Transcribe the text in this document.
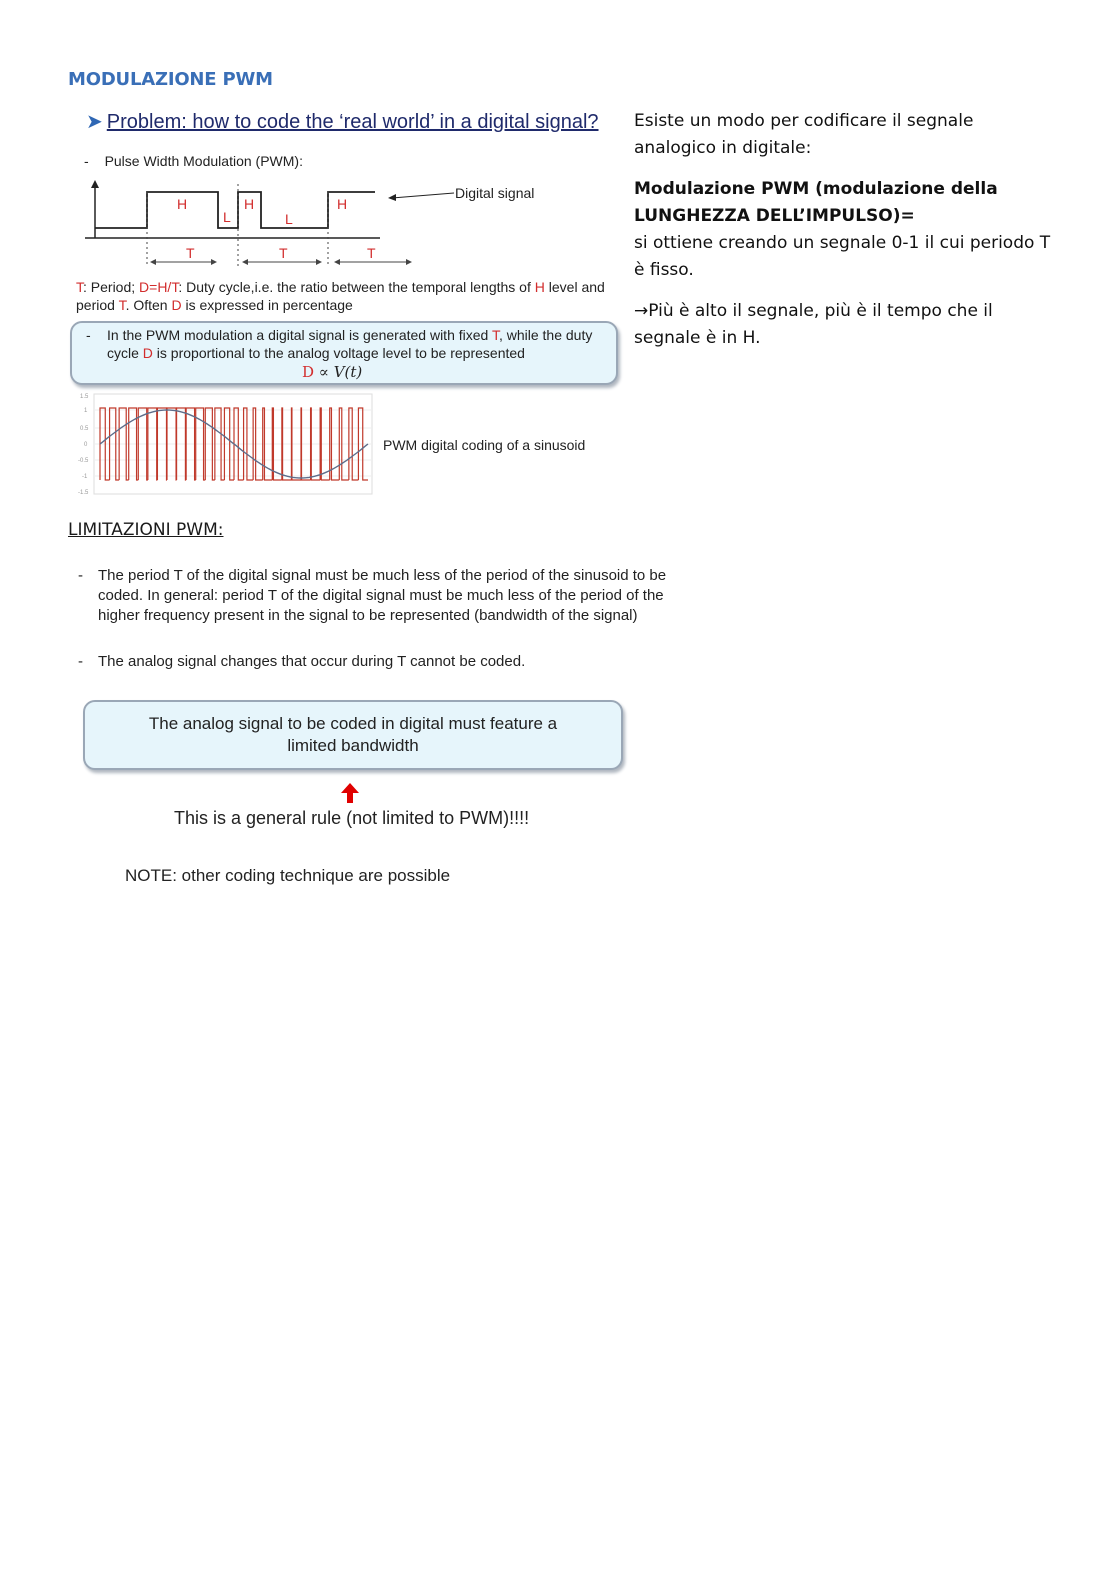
MODULAZIONE PWM
➤ Problem: how to code the ‘real world’ in a digital signal?
- Pulse Width Modulation (PWM):
H
L
H
L
H
T	T	T
Digital signal
T: Period; D=H/T: Duty cycle,i.e. the ratio between the temporal lengths of H level and period T. Often D is expressed in percentage
- In the PWM modulation a digital signal is generated with fixed T, while the duty cycle D is proportional to the analog voltage level to be represented
D ∝ V(t)
1.5
1
0.5
0
-0.5
-1
-1.5
PWM digital coding of a sinusoid
Esiste un modo per codificare il segnale analogico in digitale:
Modulazione PWM (modulazione della LUNGHEZZA DELL’IMPULSO)=
si ottiene creando un segnale 0-1 il cui periodo T è fisso.
→Più è alto il segnale, più è il tempo che il segnale è in H.
LIMITAZIONI PWM:
- The period T of the digital signal must be much less of the period of the sinusoid to be coded. In general: period T of the digital signal must be much less of the period of the higher frequency present in the signal to be represented (bandwidth of the signal)
- The analog signal changes that occur during T cannot be coded.
The analog signal to be coded in digital must feature a limited bandwidth
This is a general rule (not limited to PWM)!!!!
NOTE: other coding technique are possible
